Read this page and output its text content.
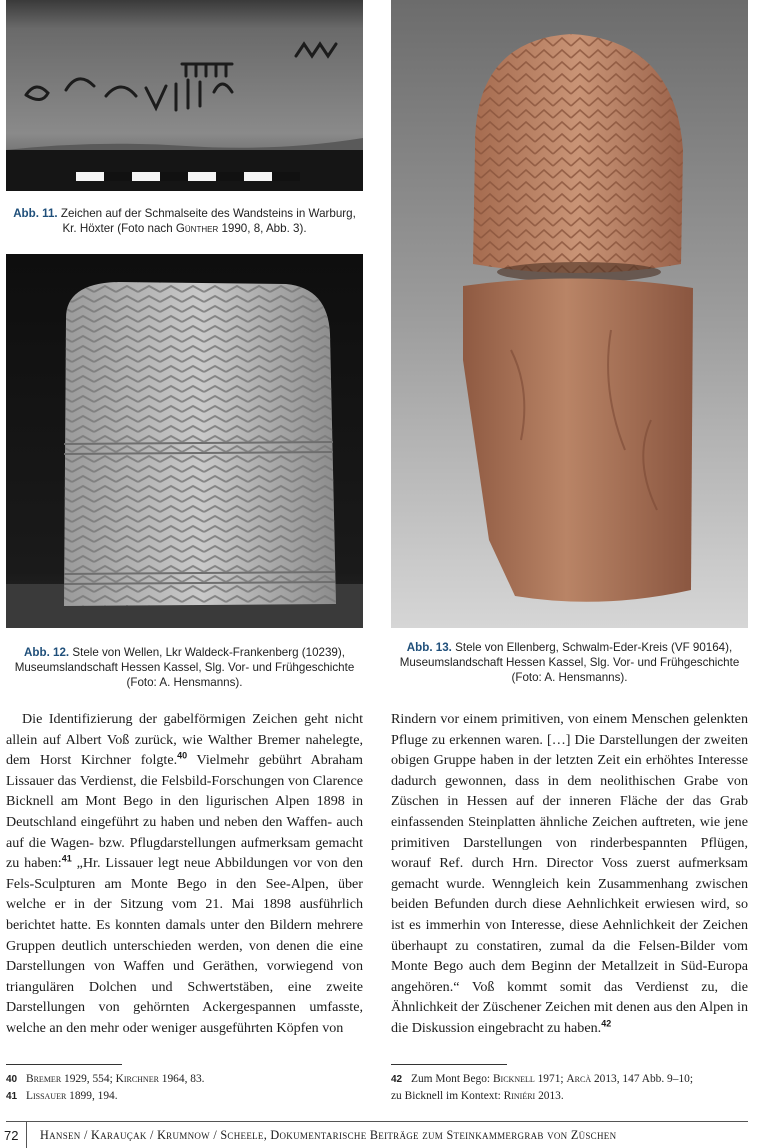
Abb. 11. Zeichen auf der Schmalseite des Wandsteins in Warburg,
Kr. Höxter (Foto nach Günther 1990, 8, Abb. 3).
Abb. 12. Stele von Wellen, Lkr Waldeck-Frankenberg (10239),
Museumslandschaft Hessen Kassel, Slg. Vor- und Frühgeschichte
(Foto: A. Hensmanns).
Abb. 13. Stele von Ellenberg, Schwalm-Eder-Kreis (VF 90164),
Museumslandschaft Hessen Kassel, Slg. Vor- und Frühgeschichte
(Foto: A. Hensmanns).

Die Identifizierung der gabelförmigen Zeichen geht nicht allein auf Albert Voß zurück, wie Walther Bremer nahelegte, dem Horst Kirchner folgte.$^{40}$ Vielmehr gebührt Abraham Lissauer das Verdienst, die Felsbild-Forschungen von Clarence Bicknell am Mont Bego in den ligurischen Alpen 1898 in Deutschland eingeführt zu haben und neben den Waffen- auch auf die Wagen- bzw. Pflugdarstellungen aufmerksam gemacht zu haben:$^{41}$ „Hr. Lissauer legt neue Abbildungen vor von den Fels-Sculpturen am Monte Bego in den See-Alpen, über welche er in der Sitzung vom 21. Mai 1898 ausführlich berichtet hatte. Es konnten damals unter den Bildern mehrere Gruppen deutlich unterschieden werden, von denen die eine Darstellungen von Waffen und Geräthen, vorwiegend von triangulären Dolchen und Schwertstäben, eine zweite Darstellungen von gehörnten Ackergespannen umfasste, welche an den mehr oder weniger ausgeführten Köpfen von

Rindern vor einem primitiven, von einem Menschen gelenkten Pfluge zu erkennen waren. […] Die Darstellungen der zweiten obigen Gruppe haben in der letzten Zeit ein erhöhtes Interesse dadurch gewonnen, dass in dem neolithischen Grabe von Züschen in Hessen auf der inneren Fläche der das Grab einfassenden Steinplatten ähnliche Zeichen auftreten, wie jene primitiven Darstellungen von rinderbespannten Pflügen, worauf Ref. durch Hrn. Director Voss zuerst aufmerksam gemacht wurde. Wenngleich kein Zusammenhang zwischen beiden Befunden durch diese Aehnlichkeit erwiesen wird, so ist es immerhin von Interesse, diese Aehnlichkeit der Zeichen überhaupt zu constatiren, zumal da die Felsen-Bilder vom Monte Bego auch dem Beginn der Metallzeit in Süd-Europa angehören.“ Voß kommt somit das Verdienst zu, die Ähnlichkeit der Züschener Zeichen mit denen aus den Alpen in die Diskussion eingebracht zu haben.$^{42}$

40 Bremer 1929, 554; Kirchner 1964, 83.
41 Lissauer 1899, 194.
42 Zum Mont Bego: Bicknell 1971; Arcà 2013, 147 Abb. 9–10;
zu Bicknell im Kontext: Riniéri 2013.
72 Hansen / Karauçak / Krumnow / Scheele, Dokumentarische Beiträge zum Steinkammergrab von Züschen
